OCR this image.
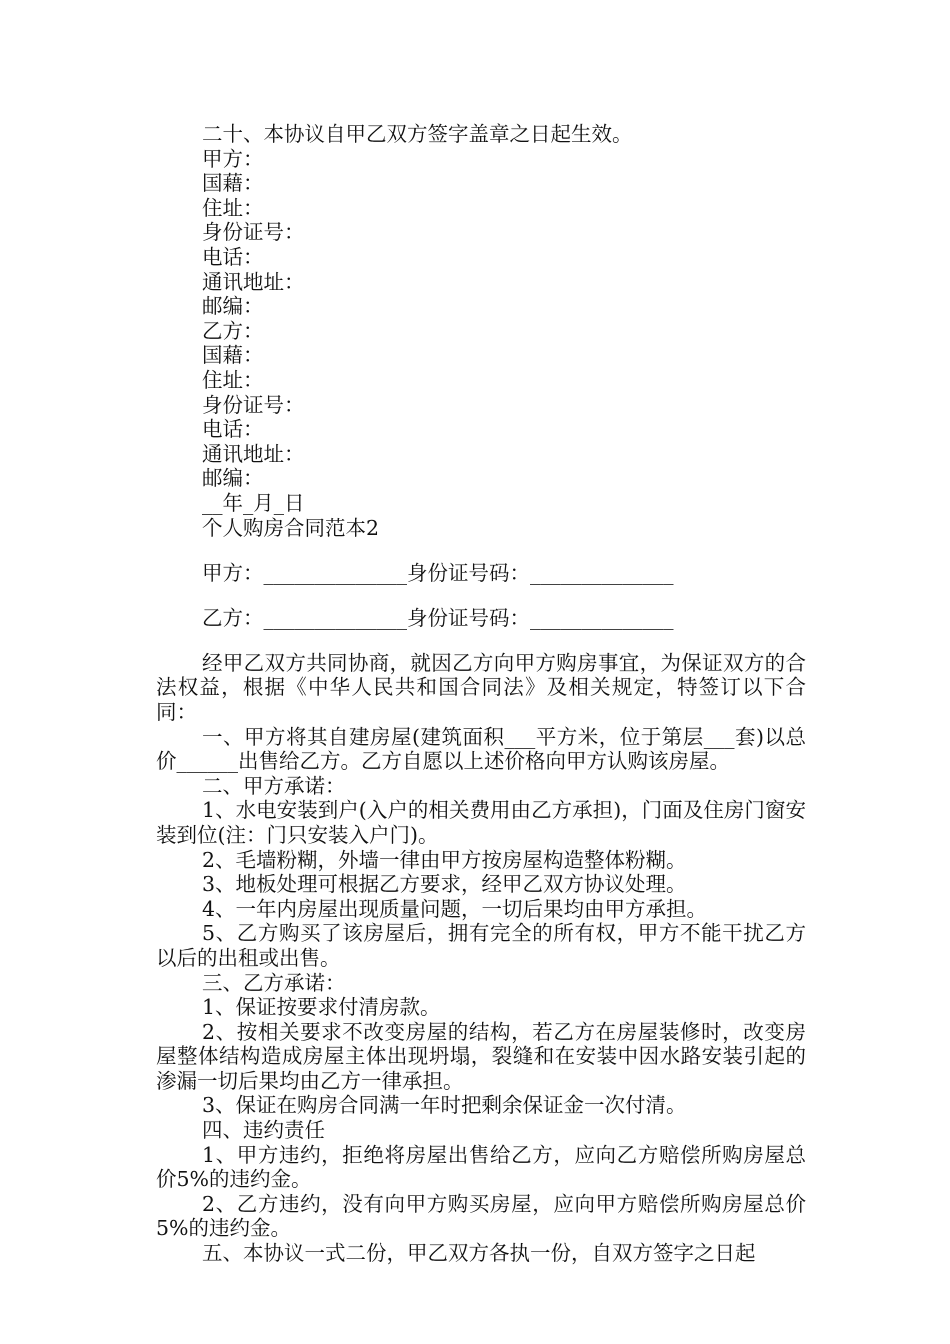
二十、本协议自甲乙双方签字盖章之日起生效。

甲方：

国藉：

住址：

身份证号：

电话：

通讯地址：

邮编：

乙方：

国藉：

住址：

身份证号：

电话：

通讯地址：

邮编：

__年_月_日

个人购房合同范本2

甲方：______________身份证号码：______________

乙方：______________身份证号码：______________

经甲乙双方共同协商，就因乙方向甲方购房事宜，为保证双方的合法权益，根据《中华人民共和国合同法》及相关规定，特签订以下合同：

一、甲方将其自建房屋(建筑面积___平方米，位于第层___套)以总价______出售给乙方。乙方自愿以上述价格向甲方认购该房屋。

二、甲方承诺：

1、水电安装到户(入户的相关费用由乙方承担)，门面及住房门窗安装到位(注：门只安装入户门)。

2、毛墙粉糊，外墙一律由甲方按房屋构造整体粉糊。

3、地板处理可根据乙方要求，经甲乙双方协议处理。

4、一年内房屋出现质量问题，一切后果均由甲方承担。

5、乙方购买了该房屋后，拥有完全的所有权，甲方不能干扰乙方以后的出租或出售。

三、乙方承诺：

1、保证按要求付清房款。

2、按相关要求不改变房屋的结构，若乙方在房屋装修时，改变房屋整体结构造成房屋主体出现坍塌，裂缝和在安装中因水路安装引起的渗漏一切后果均由乙方一律承担。

3、保证在购房合同满一年时把剩余保证金一次付清。

四、违约责任

1、甲方违约，拒绝将房屋出售给乙方，应向乙方赔偿所购房屋总价5%的违约金。

2、乙方违约，没有向甲方购买房屋，应向甲方赔偿所购房屋总价5%的违约金。

五、本协议一式二份，甲乙双方各执一份，自双方签字之日起
